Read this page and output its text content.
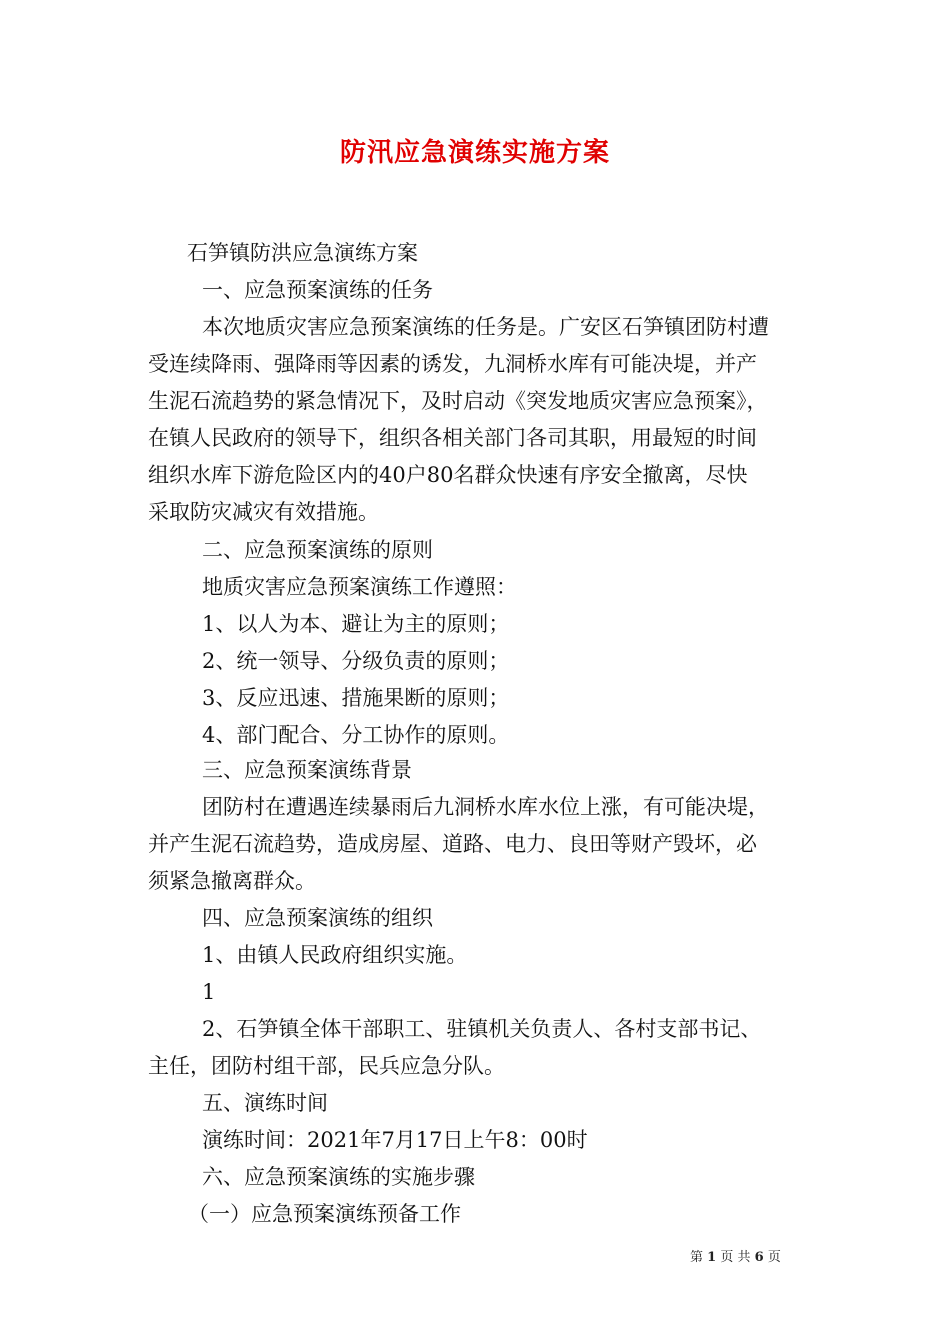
防汛应急演练实施方案
石笋镇防洪应急演练方案
一、应急预案演练的任务
本次地质灾害应急预案演练的任务是。广安区石笋镇团防村遭
受连续降雨、强降雨等因素的诱发，九洞桥水库有可能决堤，并产
生泥石流趋势的紧急情况下，及时启动《突发地质灾害应急预案》，
在镇人民政府的领导下，组织各相关部门各司其职，用最短的时间
组织水库下游危险区内的40户80名群众快速有序安全撤离，尽快
采取防灾减灾有效措施。
二、应急预案演练的原则
地质灾害应急预案演练工作遵照：
1、以人为本、避让为主的原则；
2、统一领导、分级负责的原则；
3、反应迅速、措施果断的原则；
4、部门配合、分工协作的原则。
三、应急预案演练背景
团防村在遭遇连续暴雨后九洞桥水库水位上涨，有可能决堤，
并产生泥石流趋势，造成房屋、道路、电力、良田等财产毁坏，必
须紧急撤离群众。
四、应急预案演练的组织
1、由镇人民政府组织实施。
1
2、石笋镇全体干部职工、驻镇机关负责人、各村支部书记、
主任，团防村组干部，民兵应急分队。
五、演练时间
演练时间：2021年7月17日上午8：00时
六、应急预案演练的实施步骤
（一）应急预案演练预备工作
第 1 页 共 6 页
